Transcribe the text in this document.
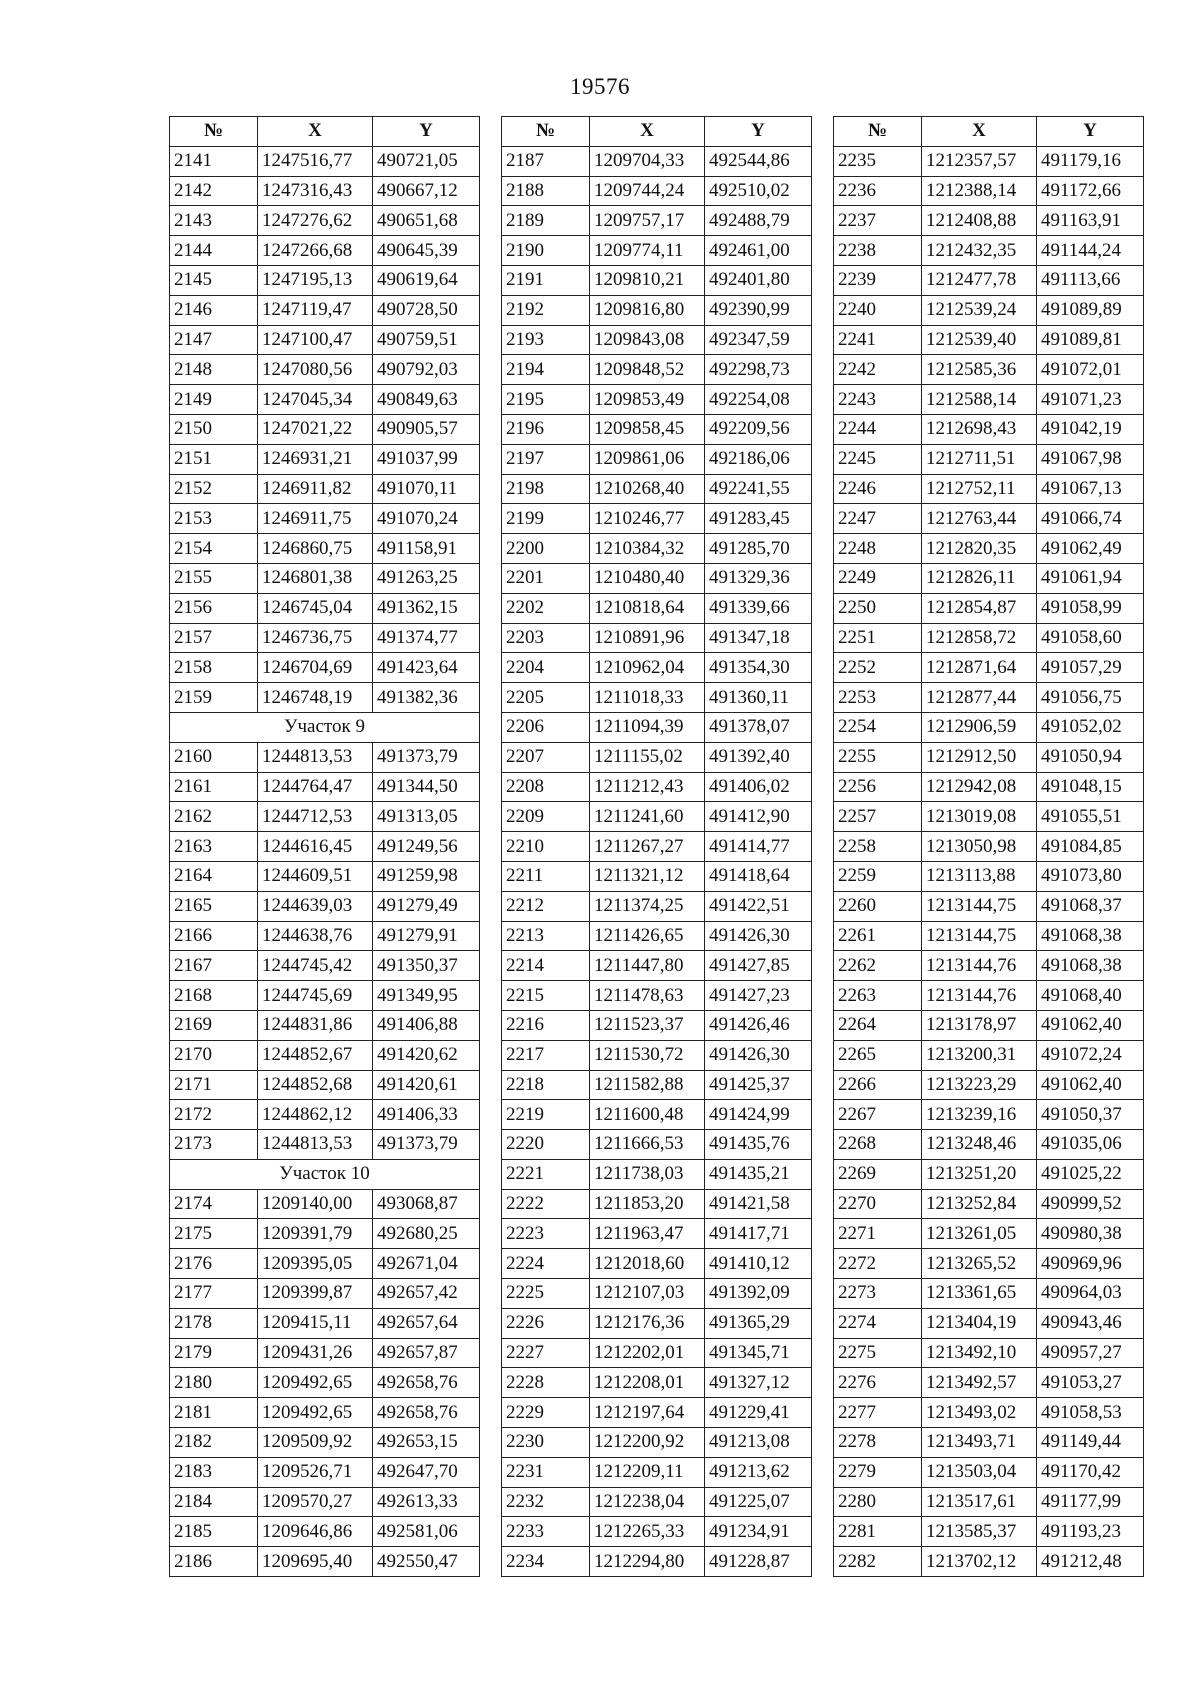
19576
№	X	Y
2141	1247516,77	490721,05
2142	1247316,43	490667,12
2143	1247276,62	490651,68
2144	1247266,68	490645,39
2145	1247195,13	490619,64
2146	1247119,47	490728,50
2147	1247100,47	490759,51
2148	1247080,56	490792,03
2149	1247045,34	490849,63
2150	1247021,22	490905,57
2151	1246931,21	491037,99
2152	1246911,82	491070,11
2153	1246911,75	491070,24
2154	1246860,75	491158,91
2155	1246801,38	491263,25
2156	1246745,04	491362,15
2157	1246736,75	491374,77
2158	1246704,69	491423,64
2159	1246748,19	491382,36
Участок 9		
2160	1244813,53	491373,79
2161	1244764,47	491344,50
2162	1244712,53	491313,05
2163	1244616,45	491249,56
2164	1244609,51	491259,98
2165	1244639,03	491279,49
2166	1244638,76	491279,91
2167	1244745,42	491350,37
2168	1244745,69	491349,95
2169	1244831,86	491406,88
2170	1244852,67	491420,62
2171	1244852,68	491420,61
2172	1244862,12	491406,33
2173	1244813,53	491373,79
Участок 10		
2174	1209140,00	493068,87
2175	1209391,79	492680,25
2176	1209395,05	492671,04
2177	1209399,87	492657,42
2178	1209415,11	492657,64
2179	1209431,26	492657,87
2180	1209492,65	492658,76
2181	1209492,65	492658,76
2182	1209509,92	492653,15
2183	1209526,71	492647,70
2184	1209570,27	492613,33
2185	1209646,86	492581,06
2186	1209695,40	492550,47
№	X	Y
2187	1209704,33	492544,86
2188	1209744,24	492510,02
2189	1209757,17	492488,79
2190	1209774,11	492461,00
2191	1209810,21	492401,80
2192	1209816,80	492390,99
2193	1209843,08	492347,59
2194	1209848,52	492298,73
2195	1209853,49	492254,08
2196	1209858,45	492209,56
2197	1209861,06	492186,06
2198	1210268,40	492241,55
2199	1210246,77	491283,45
2200	1210384,32	491285,70
2201	1210480,40	491329,36
2202	1210818,64	491339,66
2203	1210891,96	491347,18
2204	1210962,04	491354,30
2205	1211018,33	491360,11
2206	1211094,39	491378,07
2207	1211155,02	491392,40
2208	1211212,43	491406,02
2209	1211241,60	491412,90
2210	1211267,27	491414,77
2211	1211321,12	491418,64
2212	1211374,25	491422,51
2213	1211426,65	491426,30
2214	1211447,80	491427,85
2215	1211478,63	491427,23
2216	1211523,37	491426,46
2217	1211530,72	491426,30
2218	1211582,88	491425,37
2219	1211600,48	491424,99
2220	1211666,53	491435,76
2221	1211738,03	491435,21
2222	1211853,20	491421,58
2223	1211963,47	491417,71
2224	1212018,60	491410,12
2225	1212107,03	491392,09
2226	1212176,36	491365,29
2227	1212202,01	491345,71
2228	1212208,01	491327,12
2229	1212197,64	491229,41
2230	1212200,92	491213,08
2231	1212209,11	491213,62
2232	1212238,04	491225,07
2233	1212265,33	491234,91
2234	1212294,80	491228,87
№	X	Y
2235	1212357,57	491179,16
2236	1212388,14	491172,66
2237	1212408,88	491163,91
2238	1212432,35	491144,24
2239	1212477,78	491113,66
2240	1212539,24	491089,89
2241	1212539,40	491089,81
2242	1212585,36	491072,01
2243	1212588,14	491071,23
2244	1212698,43	491042,19
2245	1212711,51	491067,98
2246	1212752,11	491067,13
2247	1212763,44	491066,74
2248	1212820,35	491062,49
2249	1212826,11	491061,94
2250	1212854,87	491058,99
2251	1212858,72	491058,60
2252	1212871,64	491057,29
2253	1212877,44	491056,75
2254	1212906,59	491052,02
2255	1212912,50	491050,94
2256	1212942,08	491048,15
2257	1213019,08	491055,51
2258	1213050,98	491084,85
2259	1213113,88	491073,80
2260	1213144,75	491068,37
2261	1213144,75	491068,38
2262	1213144,76	491068,38
2263	1213144,76	491068,40
2264	1213178,97	491062,40
2265	1213200,31	491072,24
2266	1213223,29	491062,40
2267	1213239,16	491050,37
2268	1213248,46	491035,06
2269	1213251,20	491025,22
2270	1213252,84	490999,52
2271	1213261,05	490980,38
2272	1213265,52	490969,96
2273	1213361,65	490964,03
2274	1213404,19	490943,46
2275	1213492,10	490957,27
2276	1213492,57	491053,27
2277	1213493,02	491058,53
2278	1213493,71	491149,44
2279	1213503,04	491170,42
2280	1213517,61	491177,99
2281	1213585,37	491193,23
2282	1213702,12	491212,48
